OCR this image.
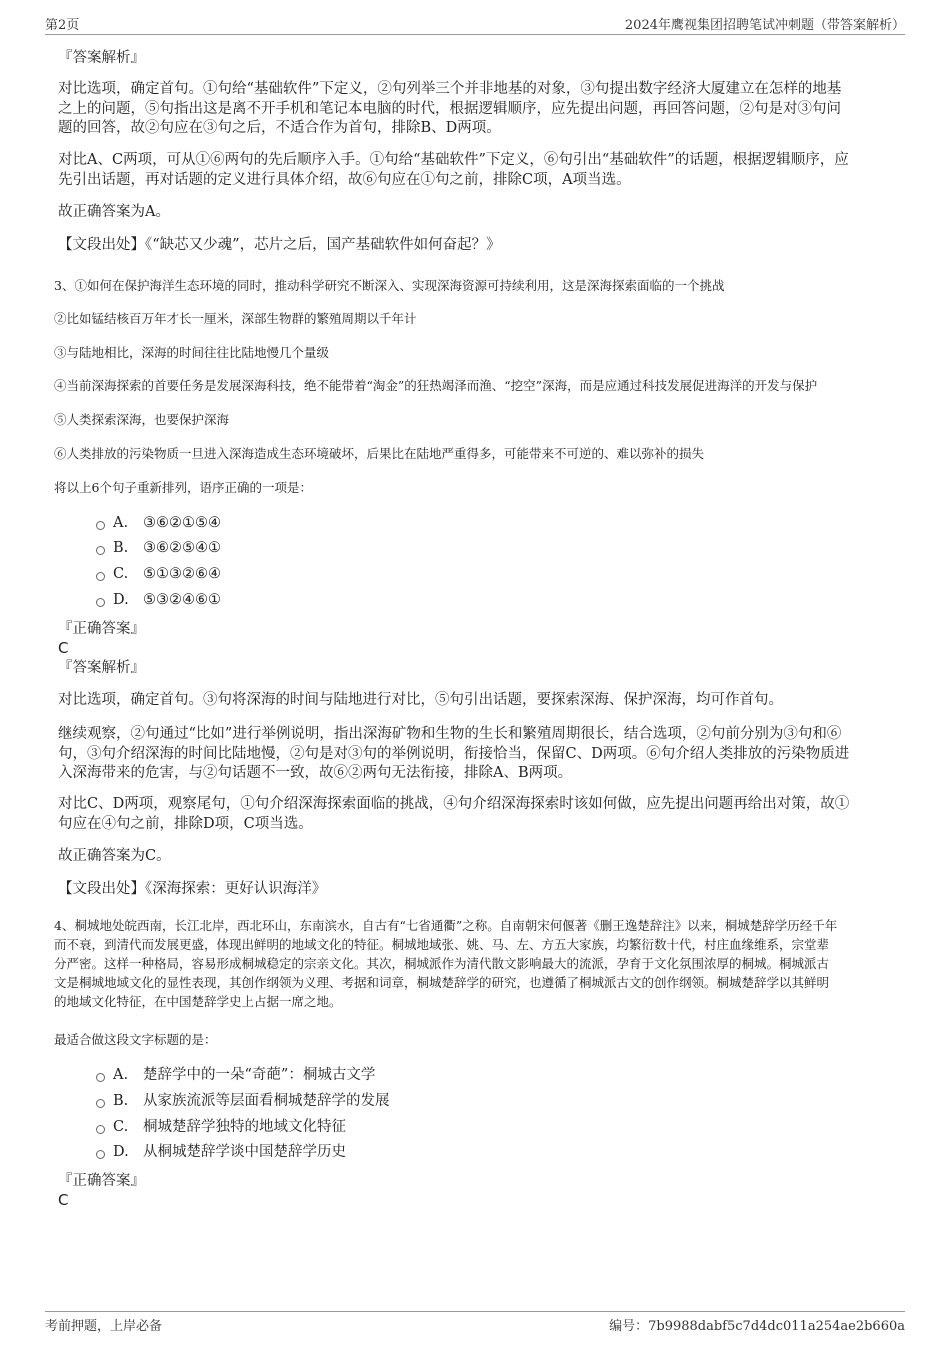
第2页	2024年鹰视集团招聘笔试冲刺题（带答案解析）
『答案解析』

对比选项，确定首句。①句给“基础软件”下定义，②句列举三个并非地基的对象，③句提出数字经济大厦建立在怎样的地基

之上的问题，⑤句指出这是离不开手机和笔记本电脑的时代，根据逻辑顺序，应先提出问题，再回答问题，②句是对③句问

题的回答，故②句应在③句之后，不适合作为首句，排除B、D两项。

对比A、C两项，可从①⑥两句的先后顺序入手。①句给“基础软件”下定义，⑥句引出“基础软件”的话题，根据逻辑顺序，应

先引出话题，再对话题的定义进行具体介绍，故⑥句应在①句之前，排除C项，A项当选。

故正确答案为A。

【文段出处】《“缺芯又少魂”，芯片之后，国产基础软件如何奋起？》

3、①如何在保护海洋生态环境的同时，推动科学研究不断深入、实现深海资源可持续利用，这是深海探索面临的一个挑战
②比如锰结核百万年才长一厘米，深部生物群的繁殖周期以千年计
③与陆地相比，深海的时间往往比陆地慢几个量级
④当前深海探索的首要任务是发展深海科技，绝不能带着“淘金”的狂热竭泽而渔、“挖空”深海，而是应通过科技发展促进海洋的开发与保护
⑤人类探索深海，也要保护深海
⑥人类排放的污染物质一旦进入深海造成生态环境破坏，后果比在陆地严重得多，可能带来不可逆的、难以弥补的损失
将以上6个句子重新排列，语序正确的一项是：
A. ③⑥②①⑤④
B. ③⑥②⑤④①
C. ⑤①③②⑥④
D. ⑤③②④⑥①
『正确答案』
C
『答案解析』

对比选项，确定首句。③句将深海的时间与陆地进行对比，⑤句引出话题，要探索深海、保护深海，均可作首句。

继续观察，②句通过“比如”进行举例说明，指出深海矿物和生物的生长和繁殖周期很长，结合选项，②句前分别为③句和⑥

句，③句介绍深海的时间比陆地慢，②句是对③句的举例说明，衔接恰当，保留C、D两项。⑥句介绍人类排放的污染物质进

入深海带来的危害，与②句话题不一致，故⑥②两句无法衔接，排除A、B两项。

对比C、D两项，观察尾句，①句介绍深海探索面临的挑战，④句介绍深海探索时该如何做，应先提出问题再给出对策，故①

句应在④句之前，排除D项，C项当选。

故正确答案为C。

【文段出处】《深海探索：更好认识海洋》

4、桐城地处皖西南，长江北岸，西北环山，东南滨水，自古有“七省通衢”之称。自南朝宋何偃著《删王逸楚辞注》以来，桐城楚辞学历经千年

而不衰，到清代而发展更盛，体现出鲜明的地域文化的特征。桐城地域张、姚、马、左、方五大家族，均繁衍数十代，村庄血缘维系，宗堂辈

分严密。这样一种格局，容易形成桐城稳定的宗亲文化。其次，桐城派作为清代散文影响最大的流派，孕育于文化氛围浓厚的桐城。桐城派古

文是桐城地域文化的显性表现，其创作纲领为义理、考据和词章，桐城楚辞学的研究，也遵循了桐城派古文的创作纲领。桐城楚辞学以其鲜明

的地域文化特征，在中国楚辞学史上占据一席之地。

最适合做这段文字标题的是：
A. 楚辞学中的一朵“奇葩”：桐城古文学
B. 从家族流派等层面看桐城楚辞学的发展
C. 桐城楚辞学独特的地域文化特征
D. 从桐城楚辞学谈中国楚辞学历史
『正确答案』
C
考前押题，上岸必备	编号：7b9988dabf5c7d4dc011a254ae2b660a
